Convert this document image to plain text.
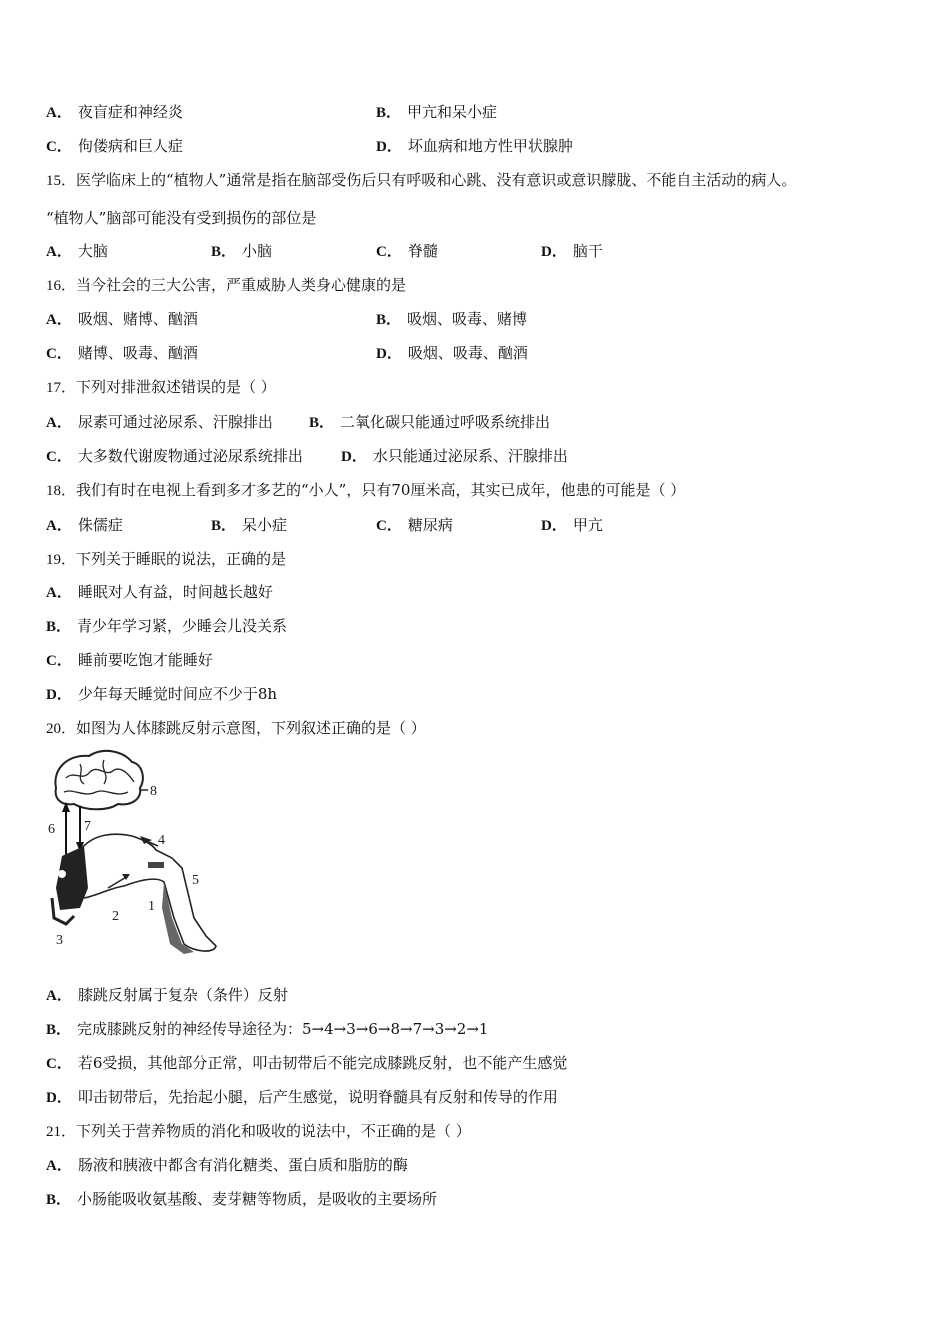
A． 夜盲症和神经炎	B． 甲亢和呆小症
C． 佝偻病和巨人症	D． 坏血病和地方性甲状腺肿
15．医学临床上的“植物人”通常是指在脑部受伤后只有呼吸和心跳、没有意识或意识朦胧、不能自主活动的病人。
“植物人”脑部可能没有受到损伤的部位是
A． 大脑	B． 小脑	C． 脊髓	D． 脑干
16．当今社会的三大公害，严重威胁人类身心健康的是
A． 吸烟、赌博、酗酒	B． 吸烟、吸毒、赌博
C． 赌博、吸毒、酗酒	D． 吸烟、吸毒、酗酒
17．下列对排泄叙述错误的是（ ）
A． 尿素可通过泌尿系、汗腺排出 B． 二氧化碳只能通过呼吸系统排出
C． 大多数代谢废物通过泌尿系统排出	D． 水只能通过泌尿系、汗腺排出
18．我们有时在电视上看到多才多艺的“小人”，只有70厘米高，其实已成年，他患的可能是（ ）
A． 侏儒症	B． 呆小症	C． 糖尿病	D． 甲亢
19．下列关于睡眠的说法，正确的是
A． 睡眠对人有益，时间越长越好
B． 青少年学习紧，少睡会儿没关系
C． 睡前要吃饱才能睡好
D． 少年每天睡觉时间应不少于8h
20．如图为人体膝跳反射示意图，下列叙述正确的是（ ）
8
6 7
3
4
5
1
2
A． 膝跳反射属于复杂（条件）反射
B． 完成膝跳反射的神经传导途径为：5→4→3→6→8→7→3→2→1
C． 若6受损，其他部分正常，叩击韧带后不能完成膝跳反射，也不能产生感觉
D． 叩击韧带后，先抬起小腿，后产生感觉，说明脊髓具有反射和传导的作用
21．下列关于营养物质的消化和吸收的说法中，不正确的是（ ）
A． 肠液和胰液中都含有消化糖类、蛋白质和脂肪的酶
B． 小肠能吸收氨基酸、麦芽糖等物质，是吸收的主要场所
